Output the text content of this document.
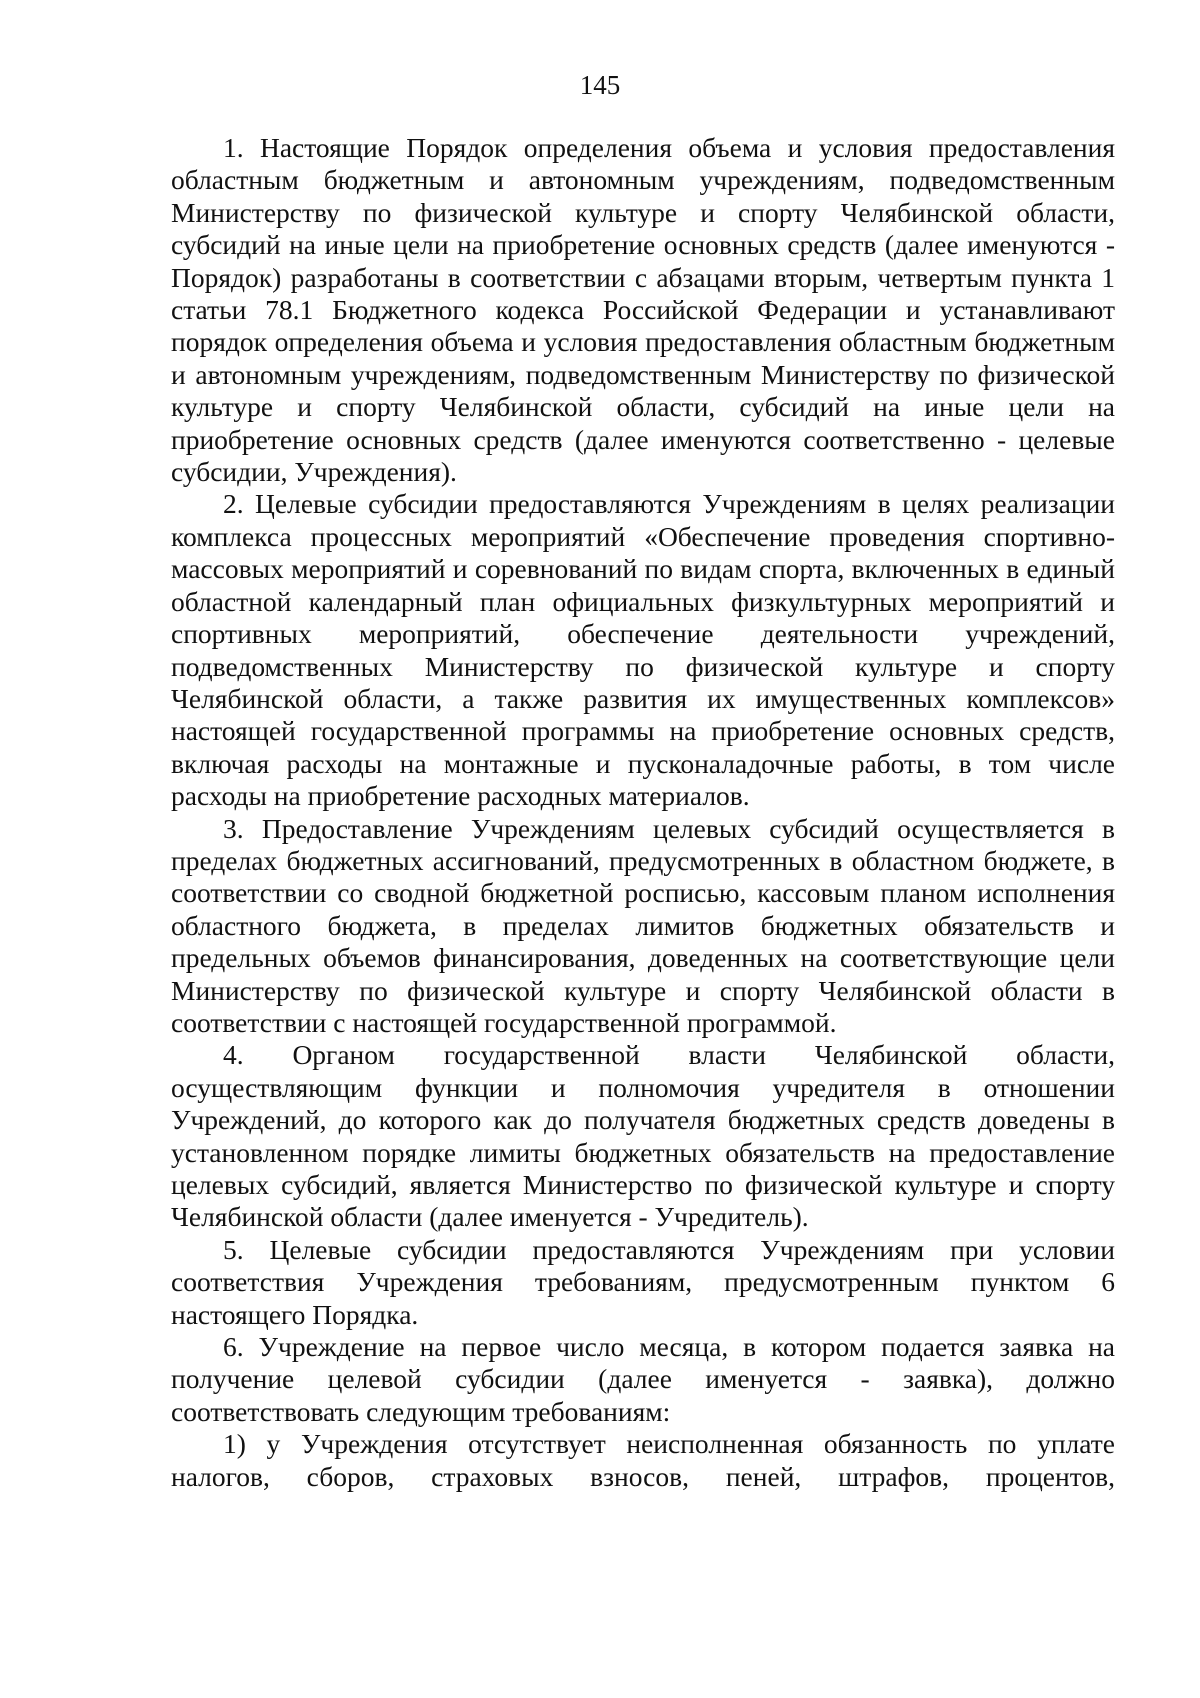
145

1. Настоящие Порядок определения объема и условия предоставления областным бюджетным и автономным учреждениям, подведомственным Министерству по физической культуре и спорту Челябинской области, субсидий на иные цели на приобретение основных средств (далее именуются - Порядок) разработаны в соответствии с абзацами вторым, четвертым пункта 1 статьи 78.1 Бюджетного кодекса Российской Федерации и устанавливают порядок определения объема и условия предоставления областным бюджетным и автономным учреждениям, подведомственным Министерству по физической культуре и спорту Челябинской области, субсидий на иные цели на приобретение основных средств (далее именуются соответственно - целевые субсидии, Учреждения).

2. Целевые субсидии предоставляются Учреждениям в целях реализации комплекса процессных мероприятий «Обеспечение проведения спортивно-массовых мероприятий и соревнований по видам спорта, включенных в единый областной календарный план официальных физкультурных мероприятий и спортивных мероприятий, обеспечение деятельности учреждений, подведомственных Министерству по физической культуре и спорту Челябинской области, а также развития их имущественных комплексов» настоящей государственной программы на приобретение основных средств, включая расходы на монтажные и пусконаладочные работы, в том числе расходы на приобретение расходных материалов.

3. Предоставление Учреждениям целевых субсидий осуществляется в пределах бюджетных ассигнований, предусмотренных в областном бюджете, в соответствии со сводной бюджетной росписью, кассовым планом исполнения областного бюджета, в пределах лимитов бюджетных обязательств и предельных объемов финансирования, доведенных на соответствующие цели Министерству по физической культуре и спорту Челябинской области в соответствии с настоящей государственной программой.

4. Органом государственной власти Челябинской области, осуществляющим функции и полномочия учредителя в отношении Учреждений, до которого как до получателя бюджетных средств доведены в установленном порядке лимиты бюджетных обязательств на предоставление целевых субсидий, является Министерство по физической культуре и спорту Челябинской области (далее именуется - Учредитель).

5. Целевые субсидии предоставляются Учреждениям при условии соответствия Учреждения требованиям, предусмотренным пунктом 6 настоящего Порядка.

6. Учреждение на первое число месяца, в котором подается заявка на получение целевой субсидии (далее именуется - заявка), должно соответствовать следующим требованиям:

1) у Учреждения отсутствует неисполненная обязанность по уплате налогов, сборов, страховых взносов, пеней, штрафов, процентов,
